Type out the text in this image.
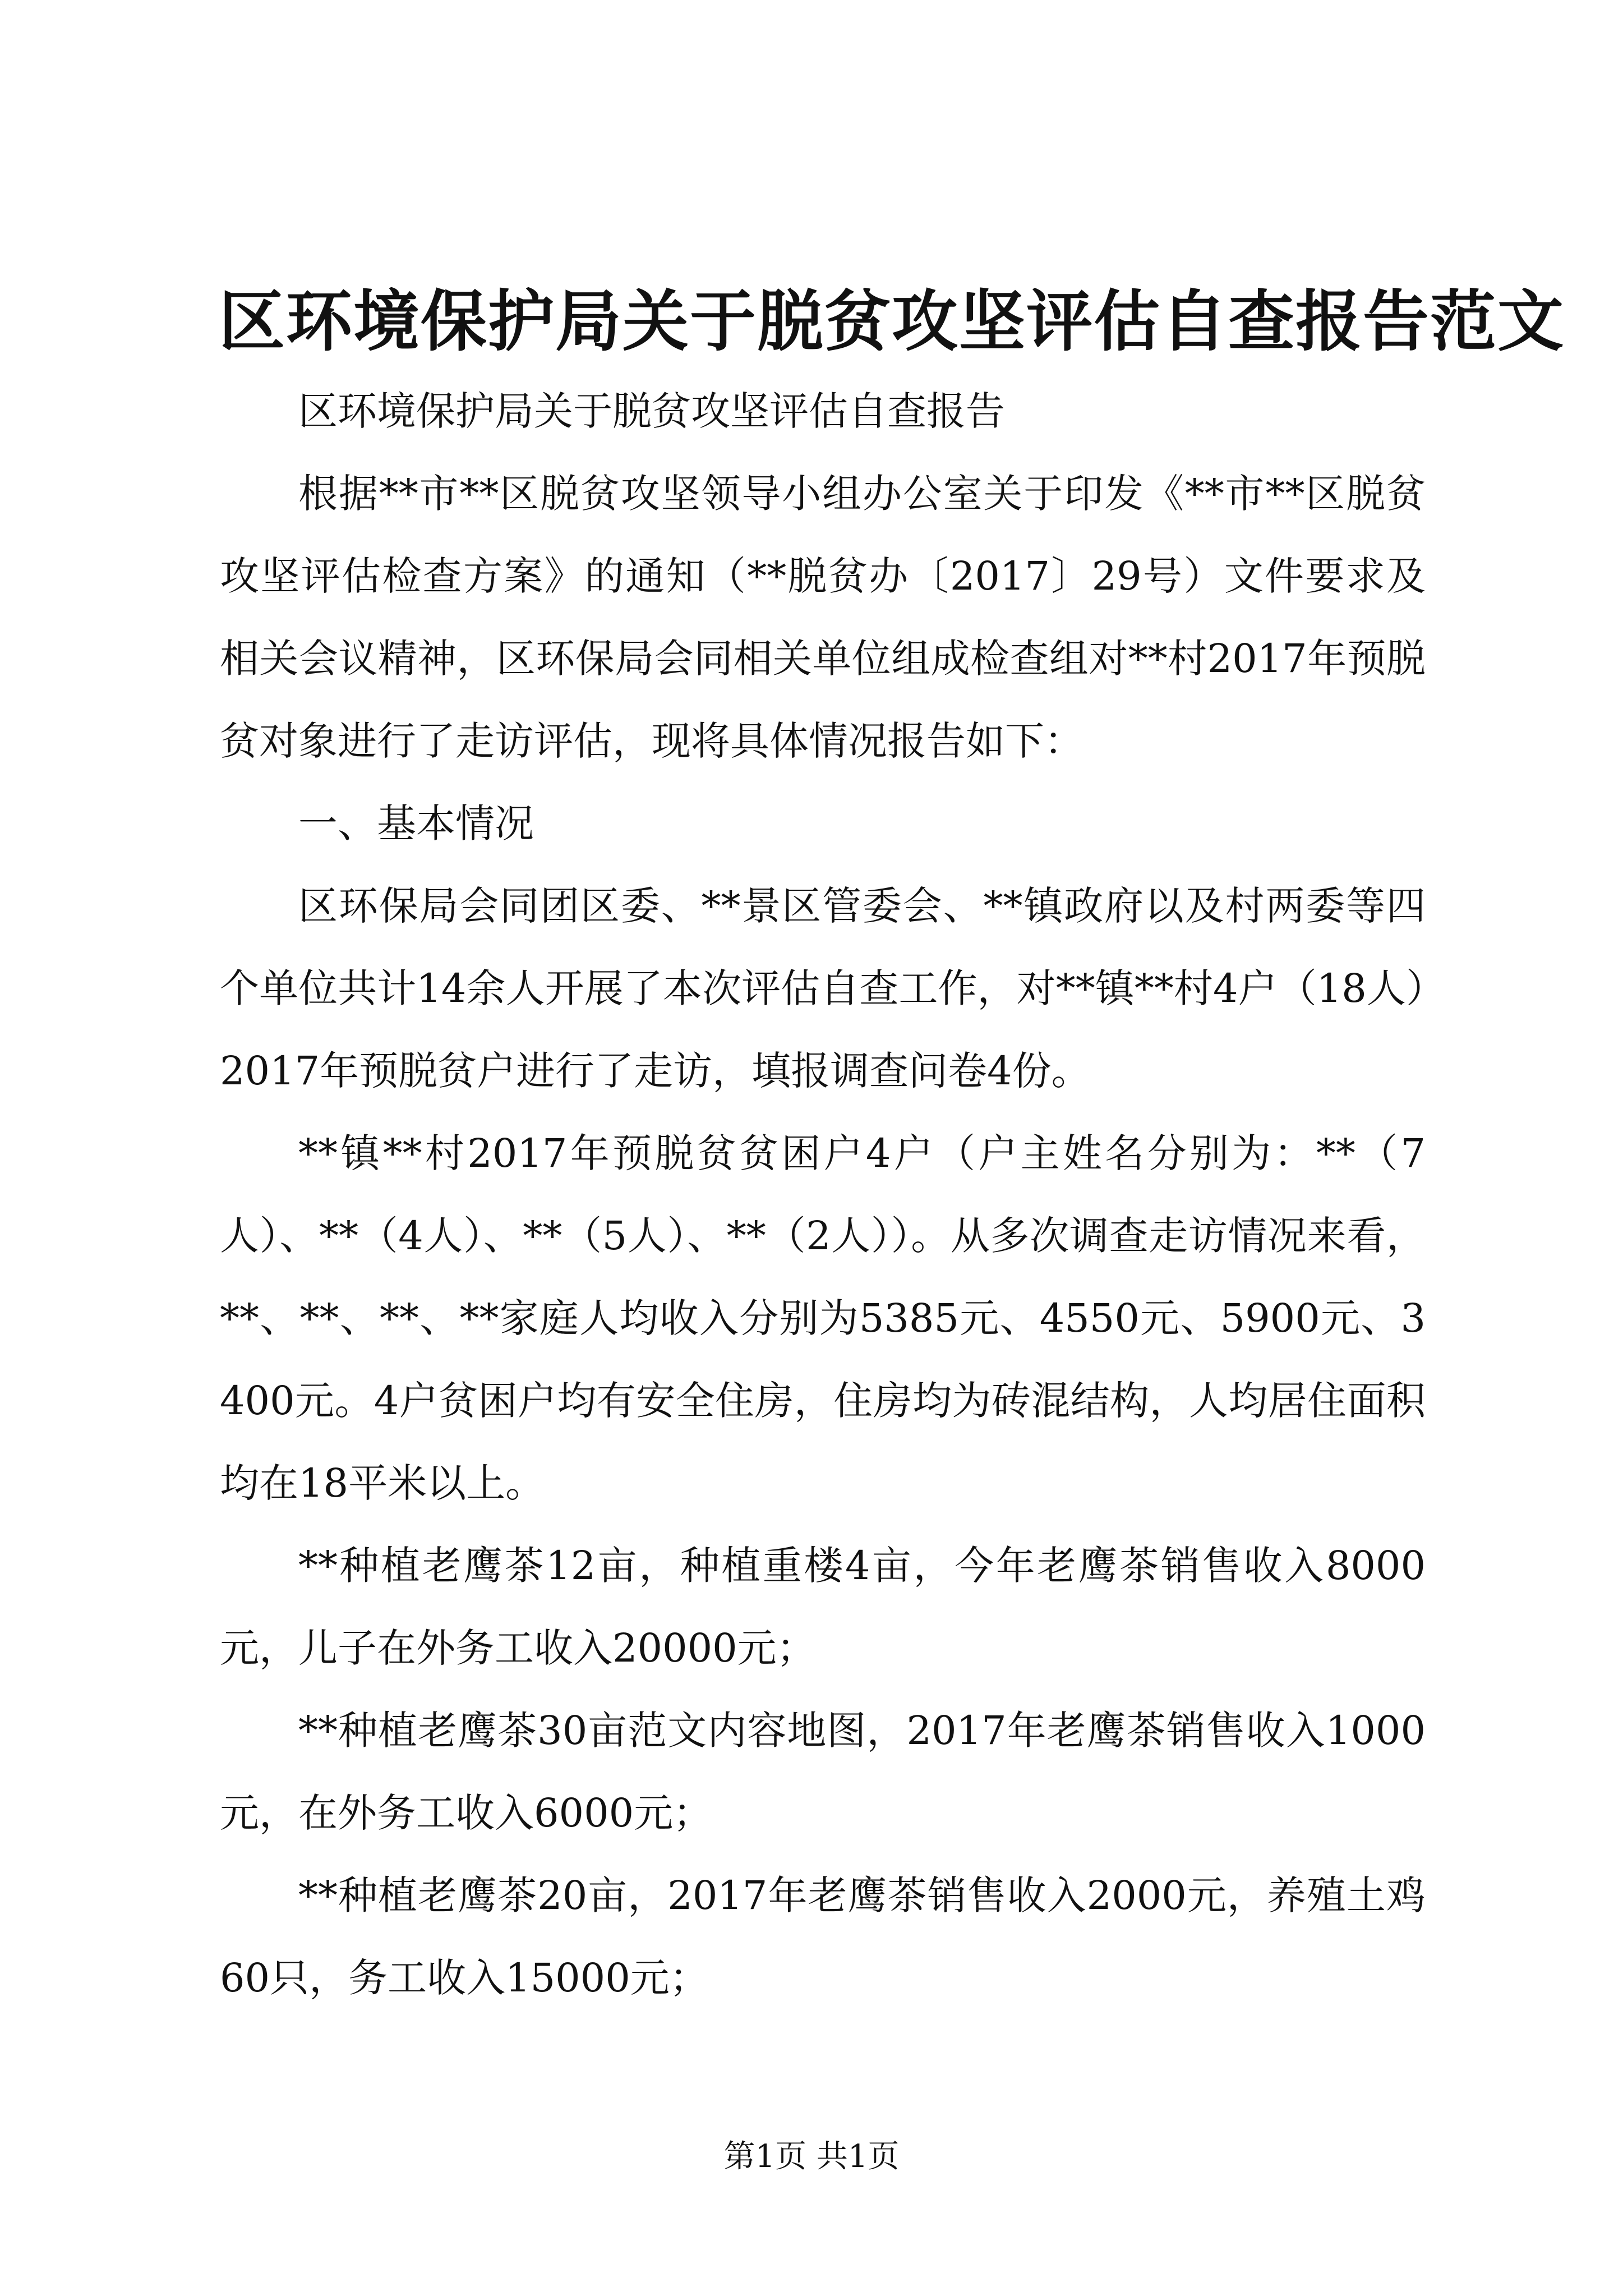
区环境保护局关于脱贫攻坚评估自查报告范文

区环境保护局关于脱贫攻坚评估自查报告

根据**市**区脱贫攻坚领导小组办公室关于印发《**市**区脱贫攻坚评估检查方案》的通知（**脱贫办〔2017〕29号）文件要求及相关会议精神，区环保局会同相关单位组成检查组对**村2017年预脱贫对象进行了走访评估，现将具体情况报告如下：

一、基本情况

区环保局会同团区委、**景区管委会、**镇政府以及村两委等四个单位共计14余人开展了本次评估自查工作，对**镇**村4户（18人）2017年预脱贫户进行了走访，填报调查问卷4份。

**镇**村2017年预脱贫贫困户4户（户主姓名分别为：**（7人）、**（4人）、**（5人）、**（2人））。从多次调查走访情况来看，**、**、**、**家庭人均收入分别为5385元、4550元、5900元、3400元。4户贫困户均有安全住房，住房均为砖混结构，人均居住面积均在18平米以上。

**种植老鹰茶12亩，种植重楼4亩，今年老鹰茶销售收入8000元，儿子在外务工收入20000元；

**种植老鹰茶30亩范文内容地图，2017年老鹰茶销售收入1000元，在外务工收入6000元；

**种植老鹰茶20亩，2017年老鹰茶销售收入2000元，养殖土鸡60只，务工收入15000元；

第1页 共1页
